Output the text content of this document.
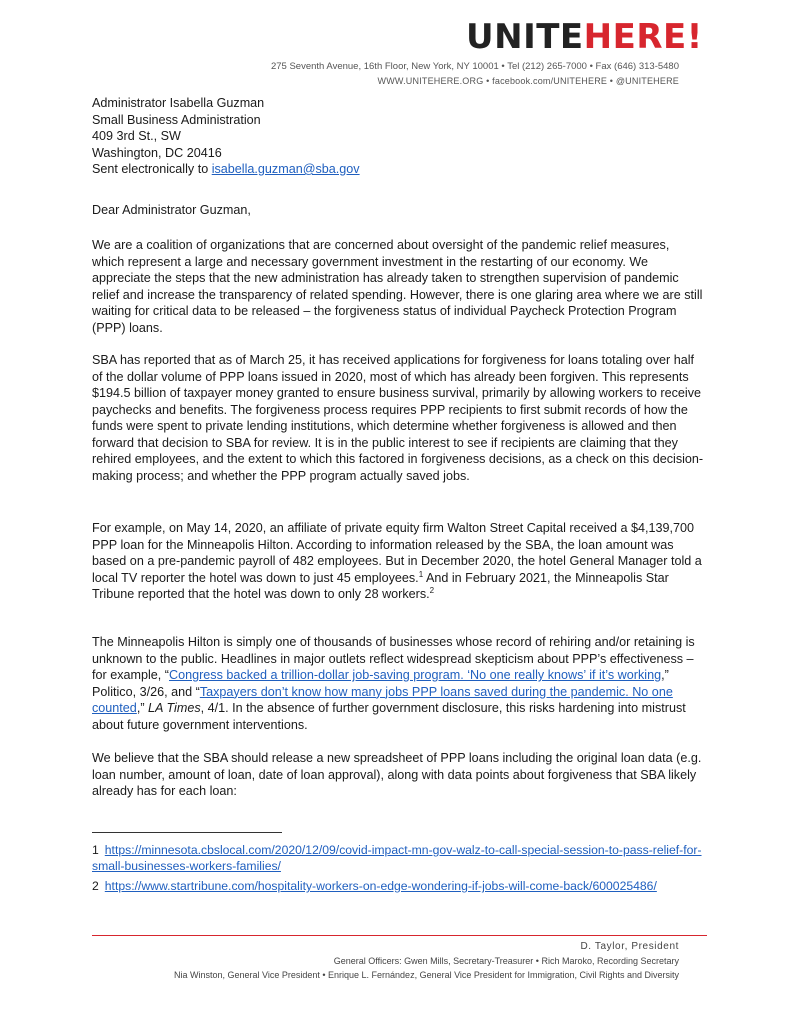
UNITEHERE!
275 Seventh Avenue, 16th Floor, New York, NY 10001 • Tel (212) 265-7000 • Fax (646) 313-5480
WWW.UNITEHERE.ORG • facebook.com/UNITEHERE • @UNITEHERE
Administrator Isabella Guzman
Small Business Administration
409 3rd St., SW
Washington, DC 20416
Sent electronically to isabella.guzman@sba.gov
Dear Administrator Guzman,

We are a coalition of organizations that are concerned about oversight of the pandemic relief measures, which represent a large and necessary government investment in the restarting of our economy. We appreciate the steps that the new administration has already taken to strengthen supervision of pandemic relief and increase the transparency of related spending. However, there is one glaring area where we are still waiting for critical data to be released – the forgiveness status of individual Paycheck Protection Program (PPP) loans.

SBA has reported that as of March 25, it has received applications for forgiveness for loans totaling over half of the dollar volume of PPP loans issued in 2020, most of which has already been forgiven. This represents $194.5 billion of taxpayer money granted to ensure business survival, primarily by allowing workers to receive paychecks and benefits. The forgiveness process requires PPP recipients to first submit records of how the funds were spent to private lending institutions, which determine whether forgiveness is allowed and then forward that decision to SBA for review. It is in the public interest to see if recipients are claiming that they rehired employees, and the extent to which this factored in forgiveness decisions, as a check on this decision-making process; and whether the PPP program actually saved jobs.

For example, on May 14, 2020, an affiliate of private equity firm Walton Street Capital received a $4,139,700 PPP loan for the Minneapolis Hilton. According to information released by the SBA, the loan amount was based on a pre-pandemic payroll of 482 employees. But in December 2020, the hotel General Manager told a local TV reporter the hotel was down to just 45 employees.$^1$ And in February 2021, the Minneapolis Star Tribune reported that the hotel was down to only 28 workers.$^2$

The Minneapolis Hilton is simply one of thousands of businesses whose record of rehiring and/or retaining is unknown to the public. Headlines in major outlets reflect widespread skepticism about PPP’s effectiveness – for example, “Congress backed a trillion-dollar job-saving program. ‘No one really knows’ if it’s working,” Politico, 3/26, and “Taxpayers don’t know how many jobs PPP loans saved during the pandemic. No one counted,” LA Times, 4/1. In the absence of further government disclosure, this risks hardening into mistrust about future government interventions.

We believe that the SBA should release a new spreadsheet of PPP loans including the original loan data (e.g. loan number, amount of loan, date of loan approval), along with data points about forgiveness that SBA likely already has for each loan:

1 https://minnesota.cbslocal.com/2020/12/09/covid-impact-mn-gov-walz-to-call-special-session-to-pass-relief-for-small-businesses-workers-families/
2 https://www.startribune.com/hospitality-workers-on-edge-wondering-if-jobs-will-come-back/600025486/
D. Taylor, President
General Officers: Gwen Mills, Secretary-Treasurer • Rich Maroko, Recording Secretary
Nia Winston, General Vice President • Enrique L. Fernández, General Vice President for Immigration, Civil Rights and Diversity
